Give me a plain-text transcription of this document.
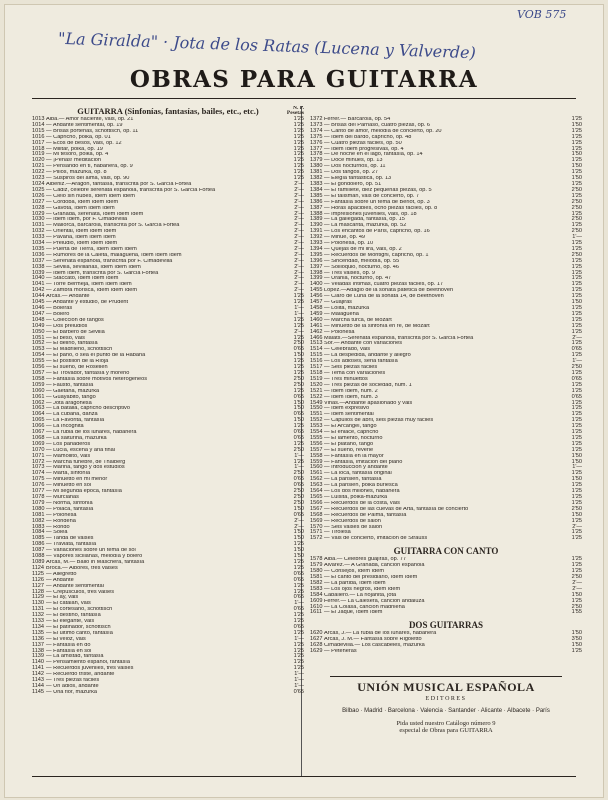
VOB 575
"La Giralda" · Jota de los Ratas (Lucena y Valverde)
OBRAS PARA GUITARRA
GUITARRA (Sinfonías, fantasías, bailes, etc., etc.)	N. P.
Pesetas
1013 Alba.— Amor naciente, vals, op. 21	1'25
1014 — Andante sentimental, op. 19	1'25
1015 — Brisas porteñas, schottisch, op. 11	1'25
1016 — Capricho, polka, op. 01	1'25
1017 — Ecos de besos, vals, op. 12	1'25
1018 — Militar, polka, op. 19	1'25
1019 — Mi tesoro, polka, op. 4	1'25
1020 — ¡Penas! meditación	1'25
1021 — Pensando en ti, habanera, op. 9	1'25
1022 — Pillos, mazurka, op. 8	1'25
1023 — Suspiros del alma, vals, op. 90	1'25
1024 Albéniz.—Aragón, fantasía, transcrita por S. García Fortea	2'—
1025 — Cádiz, célebre serenata española, transcrita por S. García Fortea	2'—
1026 — Cielo sin nubes, ídem ídem ídem	2'—
1027 — Córdoba, ídem ídem ídem	2'—
1028 — Gavota, ídem ídem ídem	2'—
1029 — Granada, serenata, ídem ídem ídem	2'—
1030 — Ídem ídem, por F. Cimadevilla	2'—
1031 — Mallorca, barcarola, transcrita por S. García Fortea	2'—
1032 — Oriental, ídem ídem ídem	2'—
1033 — Pavana, ídem ídem ídem	2'—
1034 — Preludio, ídem ídem ídem	2'—
1035 — Puerta de Tierra, ídem ídem ídem	2'—
1036 — Rumores de la Caleta, malagueña, ídem ídem ídem	2'—
1037 — Serenata española, transcrita por F. Cimadevilla	2'—
1038 — Sevilla, sevillanas, ídem ídem ídem	2'—
1039 — Ídem ídem, transcrita por S. García Fortea	2'—
1040 — Staccato, ídem ídem ídem	2'—
1041 — Torre Bermeja, ídem ídem ídem	2'—
1042 — Zambra morisca, ídem ídem ídem	2'—
1044 Arcas.— Andante	1'25
1045 — Andante y estudio, de Prudent	1'25
1046 — Boleras	1'—
1047 — Bolero	1'—
1048 — Colección de tangos	1'25
1049 — Dos preludios	1'25
1050 — El barbero de Sevilla	2'—
1051 — El beso, vals	1'25
1052 — El delirio, fantasía	2'50
1053 — El Madrileño, schottisch	0'65
1054 — El paño, o sea el punto de la Habana	1'50
1055 — El postillón de la Rioja	1'25
1056 — El sueño, de Rosellén	1'25
1057 — El Trovador, fantasía y moreno	1'25
1058 — Fantasía sobre motivos heterogéneos	2'50
1059 — Fausto, fantasía	2'50
1060 — Gaetana, mazurka	1'25
1061 — Guayabito, tango	0'65
1062 — Jota aragonesa	1'50
1063 — La batalla, capricho descriptivo	1'50
1064 — La cubana, danza	0'65
1065 — La Favorita, fantasía	1'50
1066 — La Incógnita	1'25
1067 — La rubia de los lunares, habanera	0'65
1068 — La salturina, mazurka	0'65
1069 — Los panaderos	1'25
1070 — Lucía, escena y aria final	2'50
1071 — Mamoiilto, vals	1'—
1072 — Marcha fúnebre, de Thalberg	1'25
1073 — Marina, tango y dos estudios	1'—
1074 — Marta, sinfonía	2'50
1075 — Minuetto en mi menor	0'65
1076 — Minuetto en sol	0'65
1077 — Mi segunda época, fantasía	2'50
1078 — Murcianas	2'50
1079 — Norma, sinfonía	2'50
1080 — Polaca, fantasía	1'50
1081 — Polonesa	0'65
1082 — Rondeña	2'—
1083 — Rondó	2'—
1084 — Soleá	1'50
1085 — Tanda de valses	1'50
1086 — Traviata, fantasía	1'25
1087 — Variaciones sobre un tema de sol	1'50
1088 — Vapores sicilianas, melodía y bolero	1'50
1089 Arcas, M.— Ballo in Maschera, fantasía	1'25
1124 Broca.— Albores, tres valses	1'25
1125 — Allegretto	0'65
1126 — Andante	0'65
1127 — Andante sentimental	1'25
1128 — Crepúsculos, tres valses	1'25
1129 — El ay, vals	0'65
1130 — El catalán, vals	1'—
1131 — El cortesano, schottisch	0'65
1132 — El destino, fantasía	1'25
1133 — El elegante, vals	1'25
1134 — El patinador, schottisch	0'65
1135 — El último canto, fantasía	1'25
1136 — El veloz, vals	1'—
1137 — Fantasía en do	1'25
1138 — Fantasía en sol	1'25
1139 — La amistad, fantasía	1'25
1140 — Pensamiento español, fantasía	1'25
1141 — Recuerdos juveniles, tres valses	1'25
1142 — Recuerdo triste, andante	1'—
1143 — Tres piezas fáciles	1'—
1144 — Un adiós, andante	1'—
1145 — Una flor, mazurka	0'65
1372 Ferrer.— Barcarola, op. 54	1'25
1373 — Brisas del Parnaso, cuatro piezas, op. 6	1'50
1374 — Canto de amor, melodía de concierto, op. 20	1'25
1375 — Ídem del bardo, capricho, op. 48	1'25
1376 — Cuatro piezas fáciles, op. 50	1'25
1377 — Ídem ídem progresivas, op. 4	1'25
1378 — De noche en el lago, fantasía, op. 14	1'50
1379 — Doce minués, op. 13	1'25
1380 — Dos nocturnos, op. 11	1'50
1381 — Dos tangos, op. 27	1'25
1382 — Elegía fantástica, op. 13	1'50
1383 — El gondolero, op. 51	1'25
1384 — El ramillete, diez pequeñas piezas, op. 5	2'50
1385 — El talismán, vals de concierto, op. 7	1'25
1386 — Fantasía sobre un tema de Beriot, op. 3	2'50
1387 — Horas apacibles, ocho piezas fáciles, op. 8	2'50
1388 — Impresiones juveniles, vals, op. 18	1'25
1389 — La gallegada, fantasía, op. 15	2'50
1390 — La mascarita, mazurka, op. 52	1'25
1391 — Los encantos de París, capricho, op. 16	2'50
1392 — Minué, op. 49	1'—
1393 — Polonesa, op. 10	1'25
1394 — Quejas de mi lira, vals, op. 2	1'25
1395 — Recuerdos de Montigni, capricho, op. 1	2'50
1396 — Sinceridad, melodía, op. 55	1'25
1397 — Soliloquio, nocturno, op. 46	1'25
1398 — Tres valses, op. 9	1'25
1399 — Urania, nocturno, op. 47	1'25
1400 — Veladas íntimas, cuatro piezas fáciles, op. 17	1'25
1455 López.—Adagio de la sonata patética de Beethoven	1'25
1456 — Claro de Luna de la sonata 14, de Beethoven	1'25
1457 — Guajiras	1'50
1458 — Lolita, mazurka	1'25
1459 — Malagueña	1'25
1460 — Marcha turca, de Mozart	1'25
1461 — Minuetto de la sinfonía en re, de Mozart	1'25
1462 — Polonesa	1'25
1466 Malats.—Serenata española, transcrita por S. García Fortea	2'—
1513 Sor.— Andante con variaciones	1'25
1514 — Celebrado, vals	0'65
1515 — La despedida, andante y allegro	1'25
1516 — Los adioses, seria fantasía	1'—
1517 — Seis piezas fáciles	2'50
1518 — Tema con variaciones	1'25
1519 — Tres minuettos	0'65
1520 — Tres piezas de sociedad, núm. 1	1'25
1521 — Ídem ídem, núm. 2	1'25
1522 — Ídem ídem, núm. 3	0'65
1549 Viñas.—Andante apasionado y vals	1'25
1550 — Ídem expresivo	1'25
1551 — Ídem sentimental	1'25
1552 — Capullos de abril, seis piezas muy fáciles	1'25
1553 — El Arcángel, tango	1'25
1554 — El enlace, capricho	1'25
1555 — El lamento, nocturno	1'25
1556 — El platano, tango	1'25
1557 — El sueño, rêverie	1'25
1558 — Fantasía en la mayor	1'50
1559 — Fantasía, imitación del piano	1'50
1560 — Introducción y andante	1'—
1561 — La loca, fantasía original	1'25
1562 — La parisién, fantasía	1'50
1563 — La parisién, polka burlesca	1'25
1564 — Los dos millones, habanera	1'25
1565 — Luisita, polka-mazurka	1'25
1566 — Recuerdos de la costa, vals	1'25
1567 — Recuerdos de las cuevas de Artá, fantasía de concierto	2'50
1568 — Recuerdos de Palma, fantasía	1'50
1569 — Recuerdos de salón	1'25
1570 — Seis valses de salón	2'—
1571 — Tirolesa	1'25
1572 — Vals de concierto, imitación de Strauss	1'25
GUITARRA CON CANTO
1578 Alba.— Célebres guajiras, op. 77	1'25
1579 Alvarez.— A Granada, canción española	1'25
1580 — Consejos, ídem ídem	1'25
1581 — El canto del presidiario, ídem ídem	2'50
1582 — La partida, ídem ídem	2'—
1583 — Los ojos negros, ídem ídem	2'—
1584 Caballero.— La riojanita, jota	1'50
1609 Ferrer.— La Calesera, canción andaluza	1'25
1610 — La Colasa, canción madrileña	2'50
1611 — El Jaque, ídem ídem	1'55
DOS GUITARRAS
1620 Arcas, J.— La rubia de los lunares, habanera	1'50
1627 Arcas, J. M.— Fantasía sobre Rigoletto	3'50
1628 Cimadevilla.— Los cascabeles, mazurka	1'50
1629 — Peteneras	1'25
UNIÓN MUSICAL ESPAÑOLA
EDITORES
Bilbao · Madrid · Barcelona · Valencia · Santander · Alicante · Albacete · París
Pida usted nuestro Catálogo número 9
especial de Obras para GUITARRA
